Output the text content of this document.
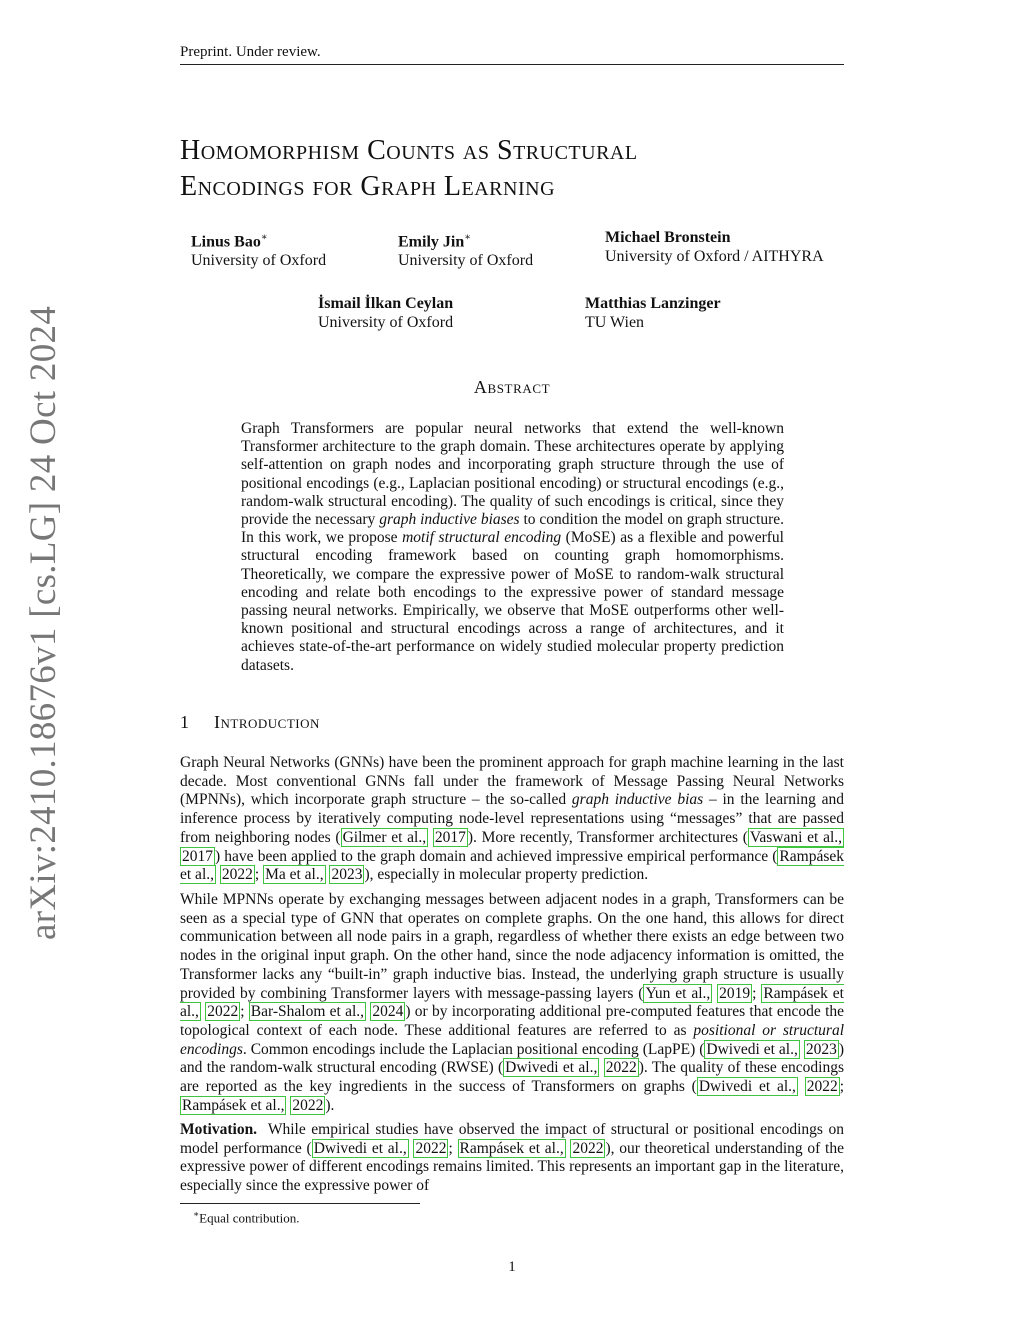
Preprint. Under review.
Homomorphism Counts as Structural
Encodings for Graph Learning
Linus Bao∗
University of Oxford
Emily Jin∗
University of Oxford
Michael Bronstein
University of Oxford / AITHYRA
İsmail İlkan Ceylan
University of Oxford
Matthias Lanzinger
TU Wien
arXiv:2410.18676v1 [cs.LG] 24 Oct 2024	Abstract
Graph Transformers are popular neural networks that extend the well-known Transformer architecture to the graph domain. These architectures operate by applying self-attention on graph nodes and incorporating graph structure through the use of positional encodings (e.g., Laplacian positional encoding) or structural encodings (e.g., random-walk structural encoding). The quality of such encodings is critical, since they provide the necessary graph inductive biases to condition the model on graph structure. In this work, we propose motif structural encoding (MoSE) as a flexible and powerful structural encoding framework based on counting graph homomorphisms. Theoretically, we compare the expressive power of MoSE to random-walk structural encoding and relate both encodings to the expressive power of standard message passing neural networks. Empirically, we observe that MoSE outperforms other well-known positional and structural encodings across a range of architectures, and it achieves state-of-the-art performance on widely studied molecular property prediction datasets.
1 Introduction
Graph Neural Networks (GNNs) have been the prominent approach for graph machine learning in the last decade. Most conventional GNNs fall under the framework of Message Passing Neural Networks (MPNNs), which incorporate graph structure – the so-called graph inductive bias – in the learning and inference process by iteratively computing node-level representations using “messages” that are passed from neighboring nodes ( Gilmer et al., 2017 ). More recently, Transformer architectures ( Vaswani et al., 2017 ) have been applied to the graph domain and achieved impressive empirical performance ( Rampásek et al., 2022 ; Ma et al., 2023 ), especially in molecular property prediction.
While MPNNs operate by exchanging messages between adjacent nodes in a graph, Transformers can be seen as a special type of GNN that operates on complete graphs. On the one hand, this allows for direct communication between all node pairs in a graph, regardless of whether there exists an edge between two nodes in the original input graph. On the other hand, since the node adjacency information is omitted, the Transformer lacks any “built-in” graph inductive bias. Instead, the underlying graph structure is usually provided by combining Transformer layers with message-passing layers ( Yun et al., 2019 ; Rampásek et al., 2022 ; Bar-Shalom et al., 2024 ) or by incorporating additional pre-computed features that encode the topological context of each node. These additional features are referred to as positional or structural encodings. Common encodings include the Laplacian positional encoding (LapPE) ( Dwivedi et al., 2023 ) and the random-walk structural encoding (RWSE) ( Dwivedi et al., 2022 ). The quality of these encodings are reported as the key ingredients in the success of Transformers on graphs ( Dwivedi et al., 2022 ; Rampásek et al., 2022 ).
Motivation. While empirical studies have observed the impact of structural or positional encodings on model performance ( Dwivedi et al., 2022 ; Rampásek et al., 2022 ), our theoretical understanding of the expressive power of different encodings remains limited. This represents an important gap in the literature, especially since the expressive power of
∗Equal contribution.
1
